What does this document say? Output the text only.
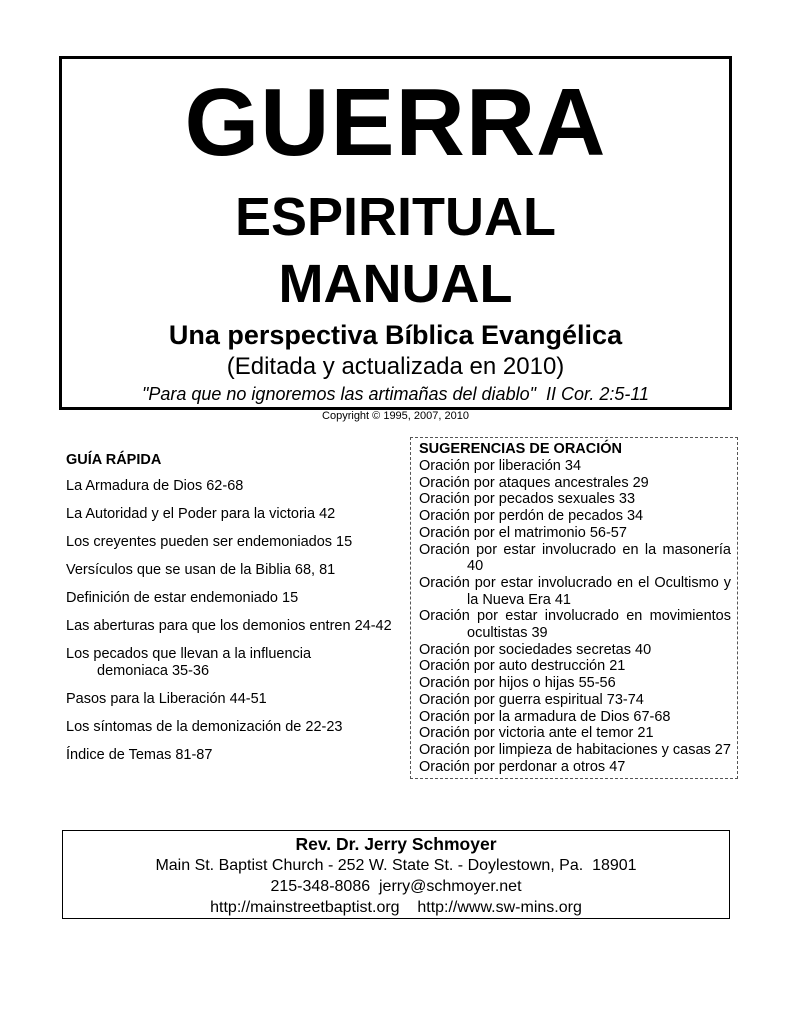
GUERRA
ESPIRITUAL
MANUAL
Una perspectiva Bíblica Evangélica
(Editada y actualizada en 2010)
"Para que no ignoremos las artimañas del diablo"  II Cor. 2:5-11
Copyright © 1995, 2007, 2010
GUÍA RÁPIDA
La Armadura de Dios 62-68
La Autoridad y el Poder para la victoria 42
Los creyentes pueden ser endemoniados 15
Versículos que se usan de la Biblia 68, 81
Definición de estar endemoniado 15
Las aberturas para que los demonios entren 24-42
Los pecados que llevan a la influencia demoniaca 35-36
Pasos para la Liberación 44-51
Los síntomas de la demonización de 22-23
Índice de Temas 81-87
SUGERENCIAS DE ORACIÓN
Oración por liberación 34
Oración por ataques ancestrales 29
Oración por pecados sexuales 33
Oración por perdón de pecados 34
Oración por el matrimonio 56-57
Oración por estar involucrado en la masonería 40
Oración por estar involucrado en el Ocultismo y la Nueva Era 41
Oración por estar involucrado en movimientos ocultistas 39
Oración por sociedades secretas 40
Oración por auto destrucción 21
Oración por hijos o hijas 55-56
Oración por guerra espiritual 73-74
Oración por la armadura de Dios 67-68
Oración por victoria ante el temor 21
Oración por limpieza de habitaciones y casas 27
Oración por perdonar a otros 47
Rev. Dr. Jerry Schmoyer
Main St. Baptist Church - 252 W. State St. - Doylestown, Pa.  18901
215-348-8086  jerry@schmoyer.net
http://mainstreetbaptist.org    http://www.sw-mins.org
